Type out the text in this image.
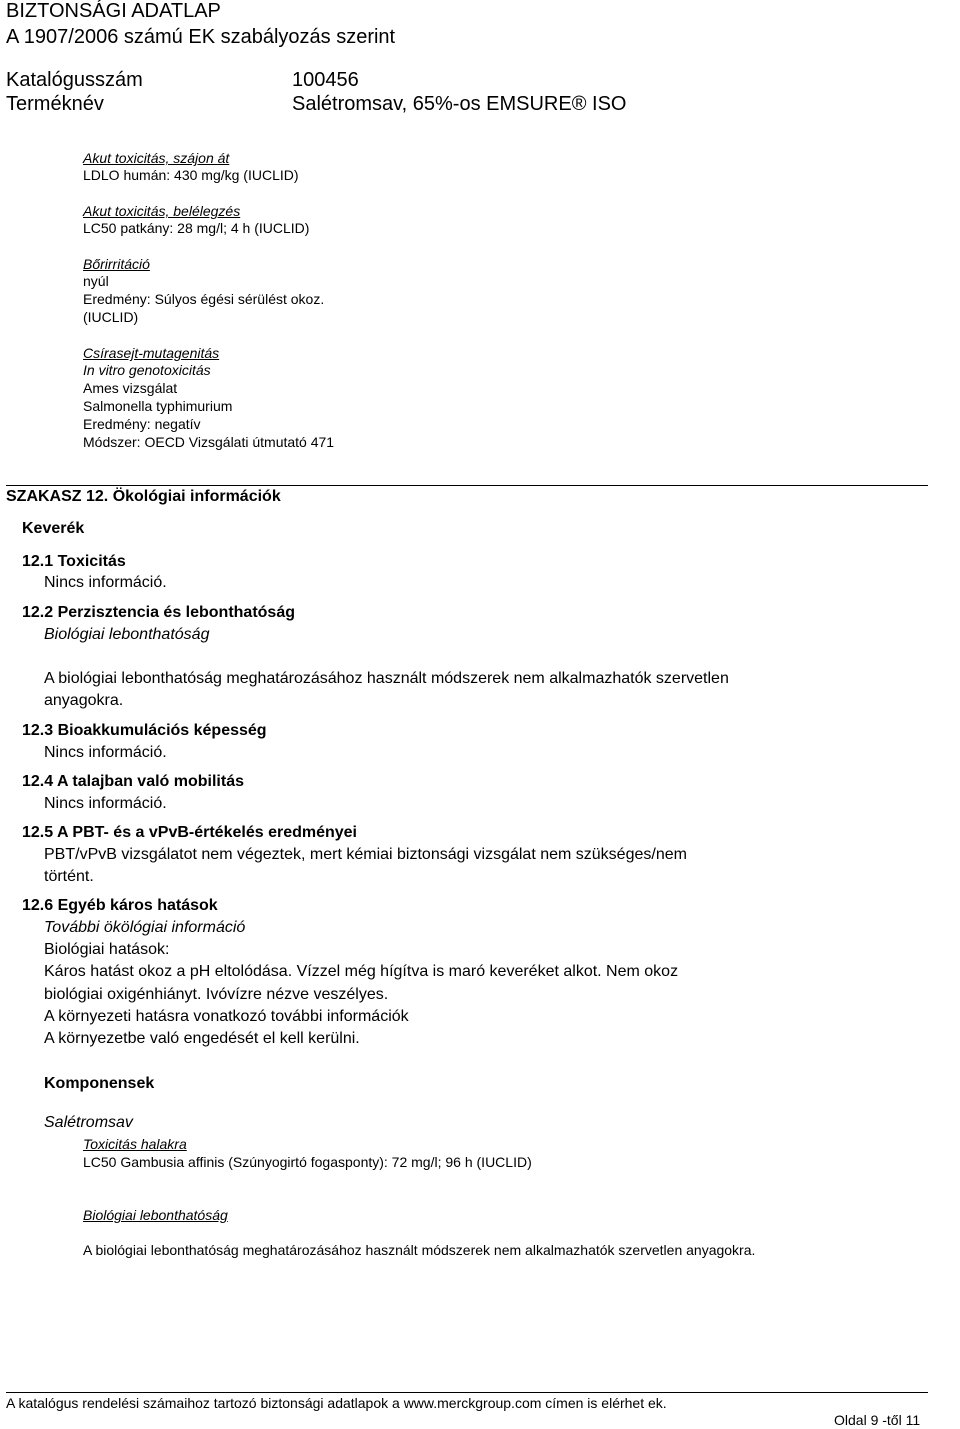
BIZTONSÁGI ADATLAP
A 1907/2006 számú EK szabályozás szerint
Katalógusszám	100456
Terméknév	Salétromsav, 65%-os EMSURE® ISO
Akut toxicitás, szájon át
LDLO humán: 430 mg/kg (IUCLID)
Akut toxicitás, belélegzés
LC50 patkány: 28 mg/l; 4 h (IUCLID)
Bőrirritáció
nyúl
Eredmény: Súlyos égési sérülést okoz.
(IUCLID)
Csírasejt-mutagenitás
In vitro genotoxicitás
Ames vizsgálat
Salmonella typhimurium
Eredmény: negatív
Módszer: OECD Vizsgálati útmutató 471
SZAKASZ 12. Ökológiai információk
Keverék
12.1 Toxicitás
Nincs információ.
12.2 Perzisztencia és lebonthatóság
Biológiai lebonthatóság
A biológiai lebonthatóság meghatározásához használt módszerek nem alkalmazhatók szervetlen
anyagokra.
12.3 Bioakkumulációs képesség
Nincs információ.
12.4 A talajban való mobilitás
Nincs információ.
12.5 A PBT- és a vPvB-értékelés eredményei
PBT/vPvB vizsgálatot nem végeztek, mert kémiai biztonsági vizsgálat nem szükséges/nem
történt.
12.6 Egyéb káros hatások
További ökölógiai információ
Biológiai hatások:
Káros hatást okoz a pH eltolódása. Vízzel még hígítva is maró keveréket alkot. Nem okoz
biológiai oxigénhiányt. Ivóvízre nézve veszélyes.
A környezeti hatásra vonatkozó további információk
A környezetbe való engedését el kell kerülni.
Komponensek
Salétromsav
Toxicitás halakra
LC50 Gambusia affinis (Szúnyogirtó fogasponty): 72 mg/l; 96 h (IUCLID)
Biológiai lebonthatóság
A biológiai lebonthatóság meghatározásához használt módszerek nem alkalmazhatók szervetlen anyagokra.
A katalógus rendelési számaihoz tartozó biztonsági adatlapok a www.merckgroup.com címen is elérhet ek.
Oldal 9 -től 11
